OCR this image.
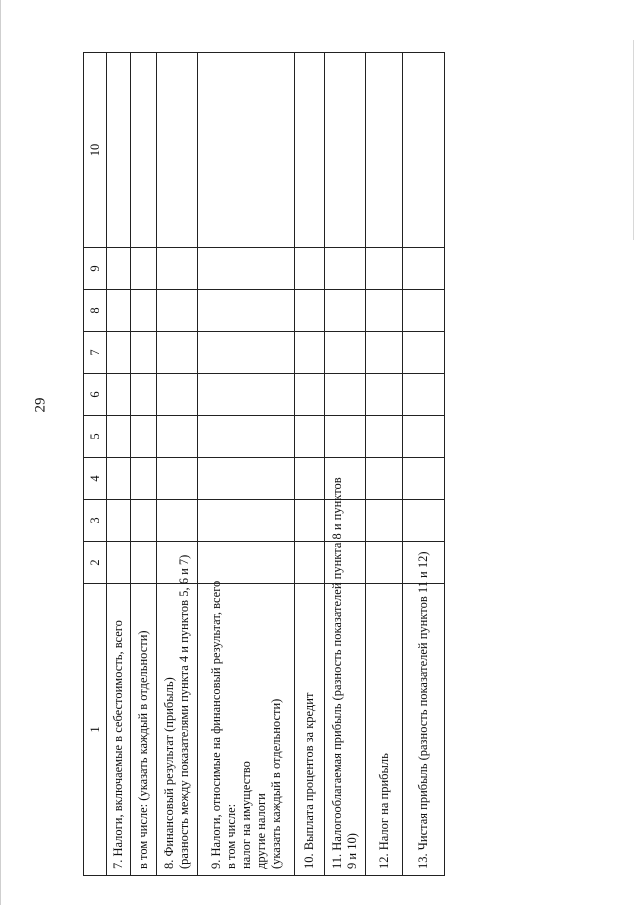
29
1	2	3	4	5	6	7	8	9	10

7. Налоги, включаемые в себестоимость, всего									

в том числе: (указать каждый в отдельности)									

8. Финансовый результат (прибыль) (разность между показателями пункта 4 и пунктов 5, 6 и 7)									

9. Налоги, относимые на финансовый результат, всего в том числе: налог на имущество другие налоги (указать каждый в отдельности)									

10. Выплата процентов за кредит									

11. Налогооблагаемая прибыль (разность показателей пункта 8 и пунктов 9 и 10)									

12. Налог на прибыль									

13. Чистая прибыль (разность показателей пунктов 11 и 12)									
